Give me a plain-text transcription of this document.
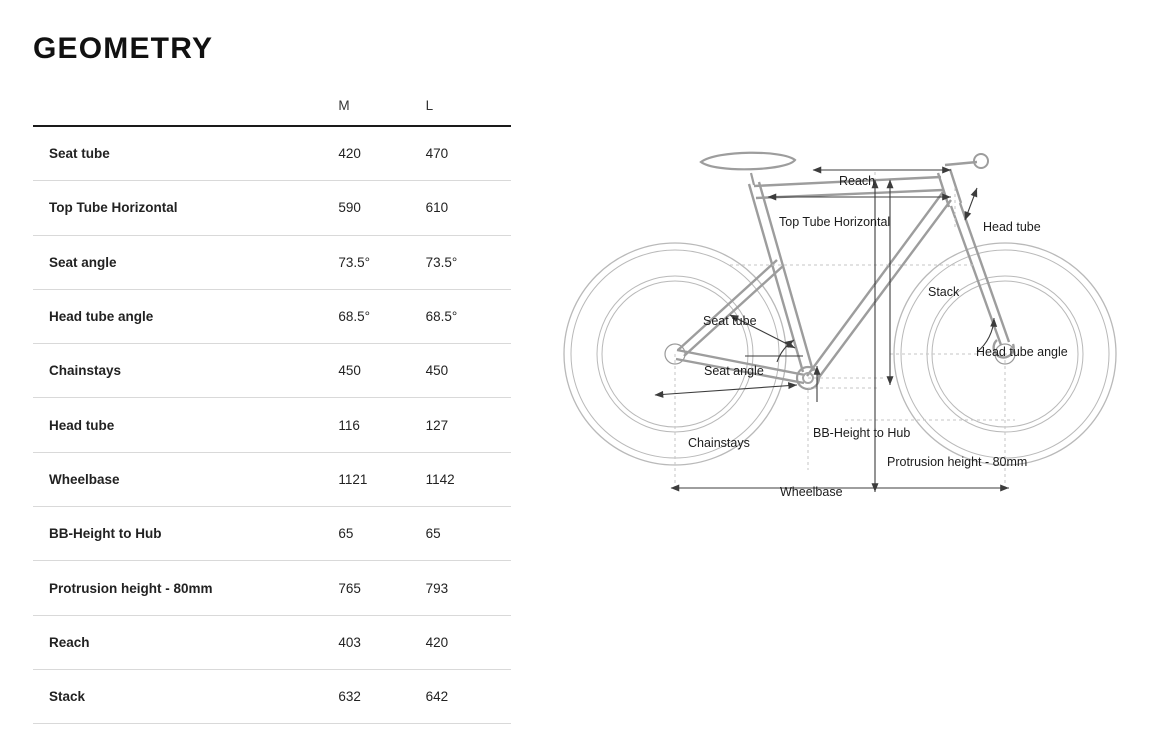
GEOMETRY
	M	L
Seat tube	420	470
Top Tube Horizontal	590	610
Seat angle	73.5°	73.5°
Head tube angle	68.5°	68.5°
Chainstays	450	450
Head tube	116	127
Wheelbase	1121	1142
BB-Height to Hub	65	65
Protrusion height - 80mm	765	793
Reach	403	420
Stack	632	642
Reach
Top Tube Horizontal	Head tube
Stack
Seat tube
Seat angle
Head tube angle
Chainstays
BB-Height to Hub
Protrusion height - 80mm
Wheelbase
